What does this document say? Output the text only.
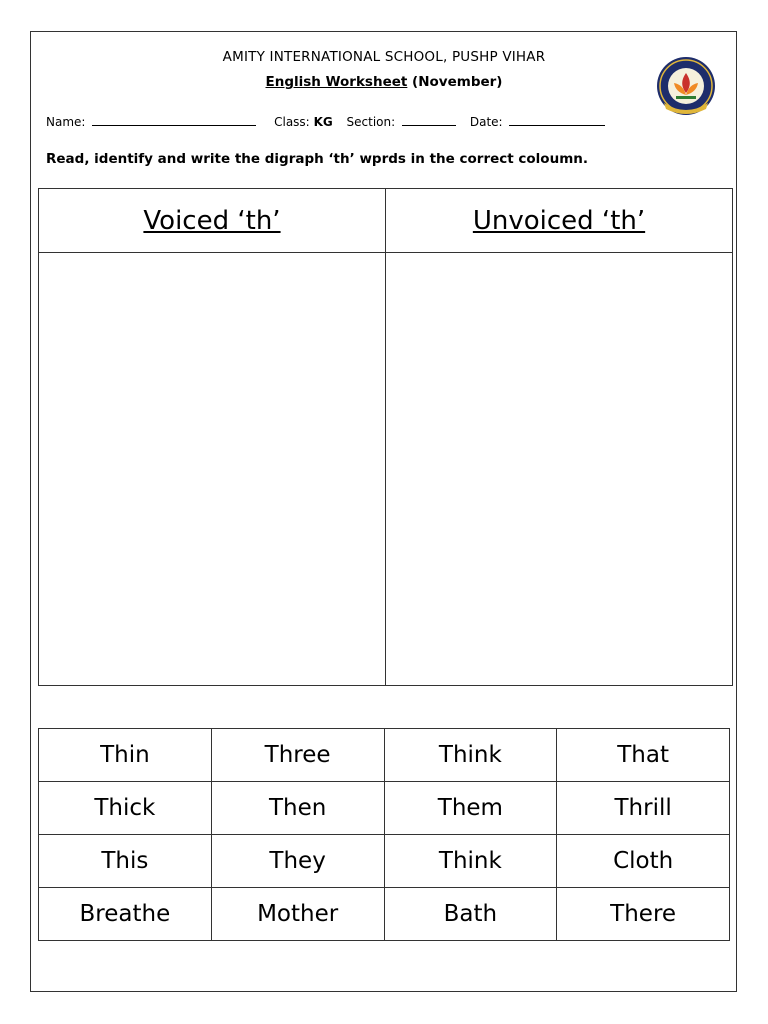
AMITY INTERNATIONAL SCHOOL, PUSHP VIHAR
English Worksheet (November)
Name:	Class: KG Section:	Date:
Read, identify and write the digraph ‘th’ wprds in the correct coloumn.
Voiced ‘th’	Unvoiced ‘th’

Thin	Three	Think	That
Thick	Then	Them	Thrill
This	They	Think	Cloth
Breathe	Mother	Bath	There
